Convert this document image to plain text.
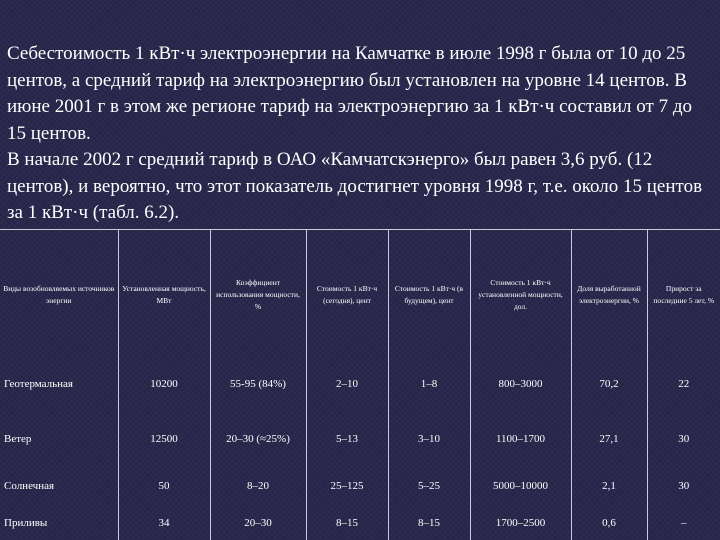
Себестоимость 1 кВт·ч электроэнергии на Камчатке в июле 1998 г была от 10 до 25 центов, а средний тариф на электроэнергию был установлен на уровне 14 центов. В июне 2001 г в этом же регионе тариф на электроэнергию за 1 кВт·ч составил от 7 до 15 центов.

В начале 2002 г средний тариф в ОАО «Камчатскэнерго» был равен 3,6 руб. (12 центов), и вероятно, что этот показатель достигнет уровня 1998 г, т.е. около 15 центов за 1 кВт·ч (табл. 6.2).

Виды возобновляемых источников энергии	Установленная мощность, МВт	Коэффициент использования мощности, %	Стоимость 1 кВт·ч (сегодня), цент	Стоимость 1 кВт·ч (в будущем), цент	Стоимость 1 кВт·ч установленной мощности, дол.	Доля выработанной электроэнергии, %	Прирост за последние 5 лет, %
Геотермальная	10200	55-95 (84%)	2–10	1–8	800–3000	70,2	22
Ветер	12500	20–30 (≈25%)	5–13	3–10	1100–1700	27,1	30
Солнечная	50	8–20	25–125	5–25	5000–10000	2,1	30
Приливы	34	20–30	8–15	8–15	1700–2500	0,6	–
